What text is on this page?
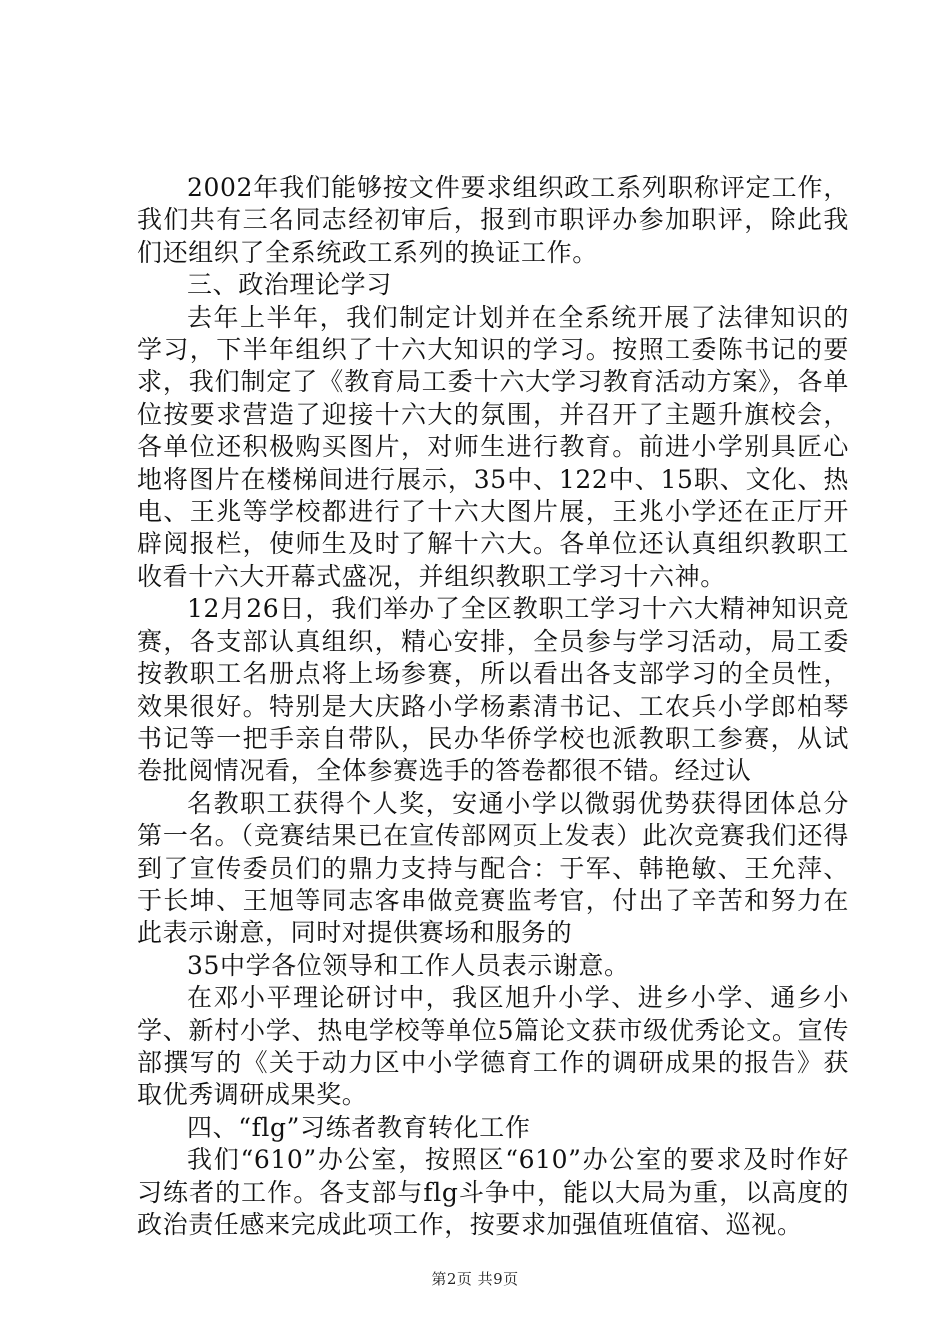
2002年我们能够按文件要求组织政工系列职称评定工作，我们共有三名同志经初审后，报到市职评办参加职评，除此我们还组织了全系统政工系列的换证工作。

三、政治理论学习

去年上半年，我们制定计划并在全系统开展了法律知识的学习，下半年组织了十六大知识的学习。按照工委陈书记的要求，我们制定了《教育局工委十六大学习教育活动方案》，各单位按要求营造了迎接十六大的氛围，并召开了主题升旗校会，各单位还积极购买图片，对师生进行教育。前进小学别具匠心地将图片在楼梯间进行展示，35中、122中、15职、文化、热电、王兆等学校都进行了十六大图片展，王兆小学还在正厅开辟阅报栏，使师生及时了解十六大。各单位还认真组织教职工收看十六大开幕式盛况，并组织教职工学习十六神。

12月26日，我们举办了全区教职工学习十六大精神知识竞赛，各支部认真组织，精心安排，全员参与学习活动，局工委按教职工名册点将上场参赛，所以看出各支部学习的全员性，效果很好。特别是大庆路小学杨素清书记、工农兵小学郎柏琴书记等一把手亲自带队，民办华侨学校也派教职工参赛，从试卷批阅情况看，全体参赛选手的答卷都很不错。经过认

名教职工获得个人奖，安通小学以微弱优势获得团体总分第一名。（竞赛结果已在宣传部网页上发表）此次竞赛我们还得到了宣传委员们的鼎力支持与配合：于军、韩艳敏、王允萍、于长坤、王旭等同志客串做竞赛监考官，付出了辛苦和努力在此表示谢意，同时对提供赛场和服务的

35中学各位领导和工作人员表示谢意。

在邓小平理论研讨中，我区旭升小学、进乡小学、通乡小学、新村小学、热电学校等单位5篇论文获市级优秀论文。宣传部撰写的《关于动力区中小学德育工作的调研成果的报告》获取优秀调研成果奖。

四、“flg”习练者教育转化工作

我们“610”办公室，按照区“610”办公室的要求及时作好习练者的工作。各支部与flg斗争中，能以大局为重，以高度的政治责任感来完成此项工作，按要求加强值班值宿、巡视。

第2页 共9页
